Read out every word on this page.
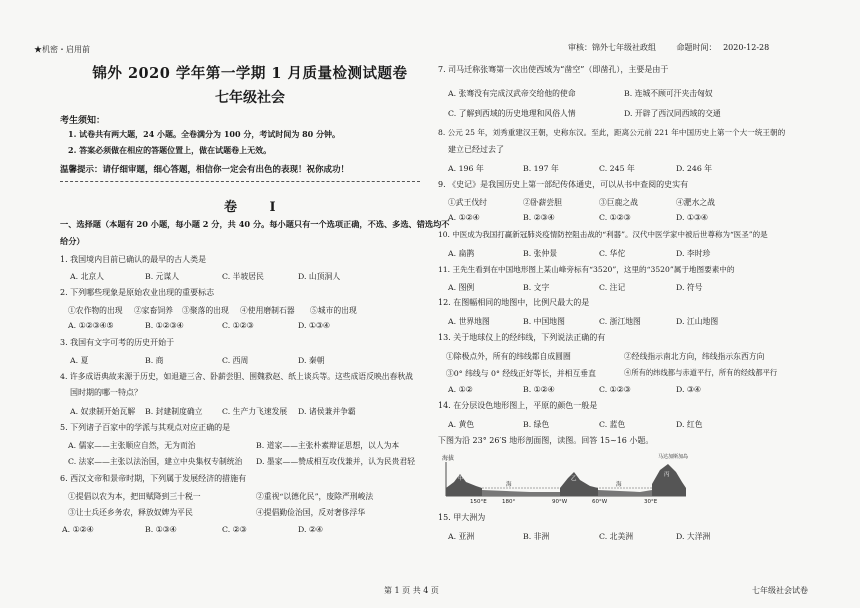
★机密・启用前	审核：锦外七年级社政组	命题时间： 2020-12-28
锦外 2020 学年第一学期 1 月质量检测试题卷
七年级社会
考生须知：
1. 试卷共有两大题，24 小题。全卷满分为 100 分，考试时间为 80 分钟。
2. 答案必须做在相应的答题位置上，做在试题卷上无效。
温馨提示：请仔细审题，细心答题，相信你一定会有出色的表现！祝你成功！
卷 Ⅰ
一、选择题（本题有 20 小题，每小题 2 分，共 40 分。每小题只有一个选项正确，不选、多选、错选均不
给分）
1. 我国境内目前已确认的最早的古人类是
A. 北京人	B. 元谋人	C. 半坡居民	D. 山顶洞人
2. 下列哪些现象是原始农业出现的重要标志
①农作物的出现 ②家畜饲养 ③聚落的出现 ④使用磨制石器 ⑤城市的出现
A. ①②③④⑤	B. ①②③④	C. ①②③	D. ①③④
3. 我国有文字可考的历史开始于
A. 夏	B. 商	C. 西周	D. 秦朝
4. 许多成语典故来源于历史，如退避三舍、卧薪尝胆、围魏救赵、纸上谈兵等。这些成语反映出春秋战
国时期的哪一特点？
A. 奴隶制开始瓦解 B. 封建制度确立	C. 生产力飞速发展 D. 诸侯兼并争霸
5. 下列诸子百家中的学派与其观点对应正确的是
A. 儒家——主张顺应自然，无为而治	B. 道家——主张朴素辩证思想，以人为本
C. 法家——主张以法治国，建立中央集权专制统治 D. 墨家——赞成相互攻伐兼并，认为民贵君轻
6. 西汉文帝和景帝时期，下列属于发展经济的措施有
①提倡以农为本，把田赋降到三十税一	②重视“以德化民”，废除严刑峻法
③让士兵还乡务农，释放奴婢为平民	④提倡勤俭治国，反对奢侈浮华
A. ①②④	B. ①③④	C. ②③	D. ②④
7. 司马迁称张骞第一次出使西域为“凿空”（即凿孔），主要是由于
A. 张骞没有完成汉武帝交给他的使命	B. 连城不顾可汗夹击匈奴
C. 了解到西域的历史地理和风俗人情	D. 开辟了西汉同西域的交通
8. 公元 25 年，刘秀重建汉王朝，史称东汉。至此，距离公元前 221 年中国历史上第一个大一统王朝的
建立已经过去了
A. 196 年	B. 197 年	C. 245 年	D. 246 年
9. 《史记》是我国历史上第一部纪传体通史，可以从书中查阅的史实有
①武王伐纣	②卧薪尝胆	③巨鹿之战	④淝水之战
A. ①②④	B. ②③④	C. ①②③	D. ①③④
10. 中医成为我国打赢新冠肺炎疫情防控阻击战的“利器”。汉代中医学家中被后世尊称为“医圣”的是
A. 扁鹊	B. 张仲景	C. 华佗	D. 李时珍
11. 王先生看到在中国地形图上某山峰旁标有“3520”，这里的“3520”属于地图要素中的
A. 图例	B. 文字	C. 注记	D. 符号
12. 在图幅相同的地图中，比例尺最大的是
A. 世界地图	B. 中国地图	C. 浙江地图	D. 江山地图
13. 关于地球仪上的经纬线，下列说法正确的有
①除极点外，所有的纬线都自成圆圈	②经线指示南北方向，纬线指示东西方向
③0° 纬线与 0° 经线正好等长，并相互垂直	④所有的纬线都与赤道平行，所有的经线都平行
A. ①②	B. ①②④	C. ①②③	D. ③④
14. 在分层设色地形图上，平原的颜色一般是
A. 黄色	B. 绿色	C. 蓝色	D. 红色
下图为沿 23° 26′S 地形剖面图，读图。回答 15~16 小题。
海拔
海	海
甲	乙
丙
马达加斯加岛
150°E	180°	90°W	60°W	30°E
15. 甲大洲为
A. 亚洲	B. 非洲	C. 北美洲	D. 大洋洲
第 1 页 共 4 页	七年级社会试卷
